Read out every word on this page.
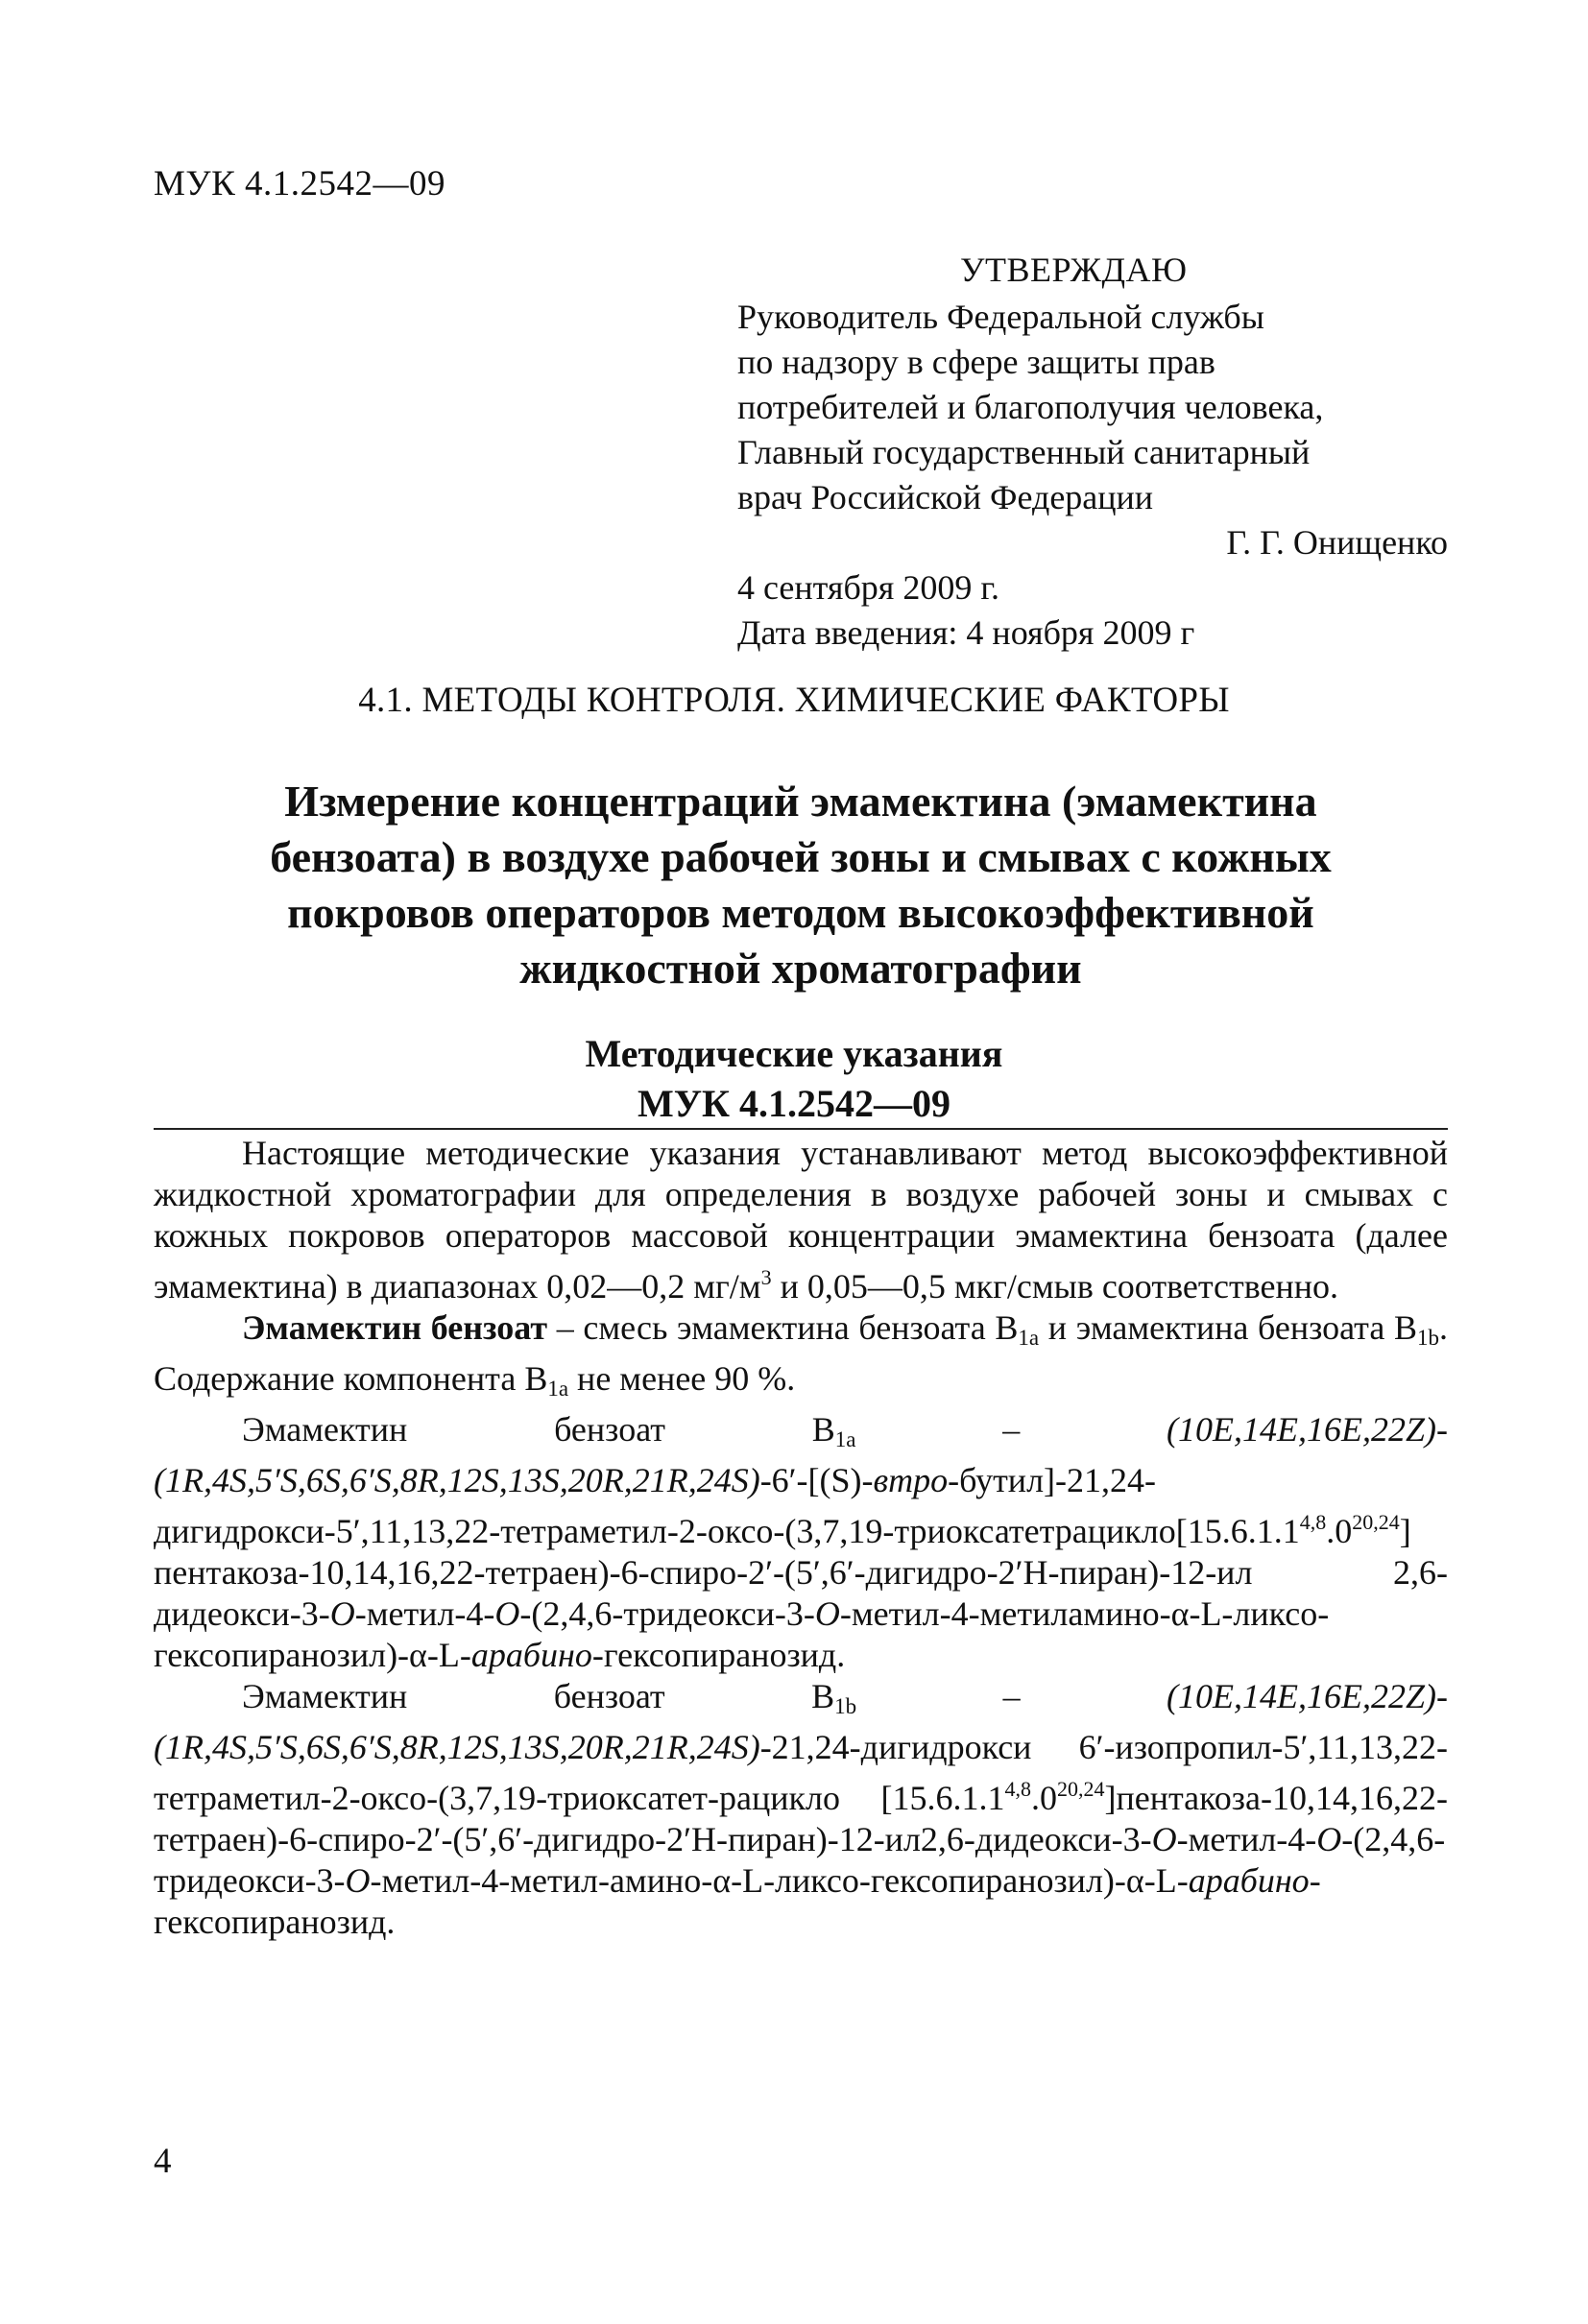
МУК 4.1.2542—09
УТВЕРЖДАЮ
Руководитель Федеральной службы
по надзору в сфере защиты прав
потребителей и благополучия человека,
Главный государственный санитарный
врач Российской Федерации
Г. Г. Онищенко
4 сентября 2009 г.
Дата введения: 4 ноября 2009 г
4.1. МЕТОДЫ КОНТРОЛЯ. ХИМИЧЕСКИЕ ФАКТОРЫ
Измерение концентраций эмамектина (эмамектина
бензоата) в воздухе рабочей зоны и смывах с кожных
покровов операторов методом высокоэффективной
жидкостной хроматографии
Методические указания
МУК 4.1.2542—09

Настоящие методические указания устанавливают метод высокоэффективной жидкостной хроматографии для определения в воздухе рабочей зоны и смывах с кожных покровов операторов массовой концентрации эмамектина бензоата (далее эмамектина) в диапазонах 0,02—0,2 $мг/м^3$ и 0,05—0,5 мкг/смыв соответственно.

Эмамектин бензоат – смесь эмамектина бензоата $B_{1a}$ и эмамектина бензоата $B_{1b}$. Содержание компонента $B_{1a}$ не менее 90 %.

Эмамектин бензоат $B_{1a}$ – (10E,14E,16E,22Z)-(1R,4S,5′S,6S,6′S,8R,12S,13S,20R,21R,24S)-6′-[(S)-втро-бутил]-21,24-дигидрокси-5′,11,13,22-тетраметил-2-оксо-(3,7,19-триоксатетрацикло[15.6.1.1$^{4,8}$.0$^{20,24}$] пентакоза-10,14,16,22-тетраен)-6-спиро-2′-(5′,6′-дигидро-2′H-пиран)-12-ил 2,6-дидеокси-3-O-метил-4-O-(2,4,6-тридеокси-3-O-метил-4-метиламино-α-L-ликсо-гексопиранозил)-α-L-арабино-гексопиранозид.

Эмамектин бензоат $B_{1b}$ – (10E,14E,16E,22Z)-(1R,4S,5′S,6S,6′S,8R,12S,13S,20R,21R,24S)-21,24-дигидрокси 6′-изопропил-5′,11,13,22-тетраметил-2-оксо-(3,7,19-триоксатет-рацикло [15.6.1.1$^{4,8}$.0$^{20,24}$]пентакоза-10,14,16,22-тетраен)-6-спиро-2′-(5′,6′-дигидро-2′H-пиран)-12-ил2,6-дидеокси-3-O-метил-4-O-(2,4,6-тридеокси-3-O-метил-4-метил-амино-α-L-ликсо-гексопиранозил)-α-L-арабино-гексопиранозид.

4
